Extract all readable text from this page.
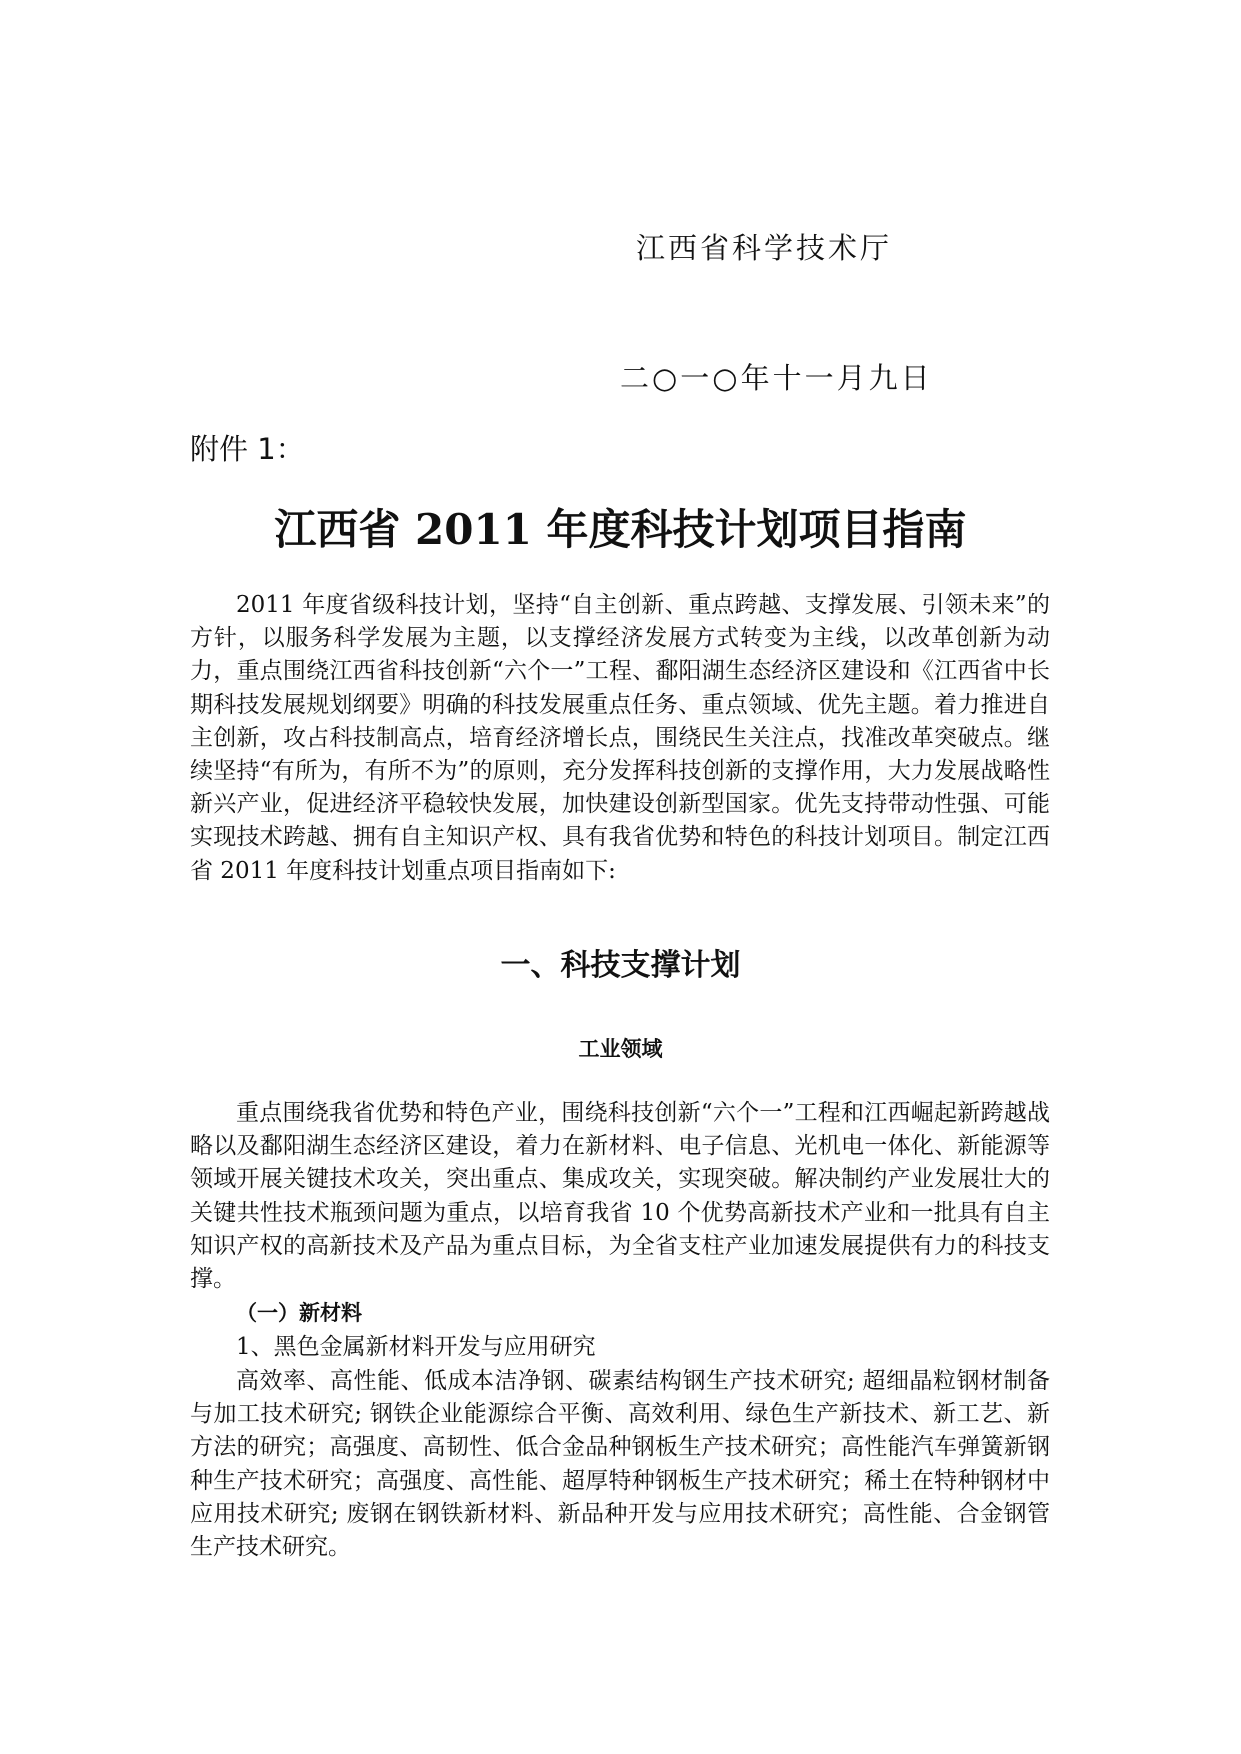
江西省科学技术厅
二○一○年十一月九日
附件 1：
江西省 2011 年度科技计划项目指南

2011 年度省级科技计划，坚持“自主创新、重点跨越、支撑发展、引领未来”的方针，以服务科学发展为主题，以支撑经济发展方式转变为主线，以改革创新为动力，重点围绕江西省科技创新“六个一”工程、鄱阳湖生态经济区建设和《江西省中长期科技发展规划纲要》明确的科技发展重点任务、重点领域、优先主题。着力推进自主创新，攻占科技制高点，培育经济增长点，围绕民生关注点，找准改革突破点。继续坚持“有所为，有所不为”的原则，充分发挥科技创新的支撑作用，大力发展战略性新兴产业，促进经济平稳较快发展，加快建设创新型国家。优先支持带动性强、可能实现技术跨越、拥有自主知识产权、具有我省优势和特色的科技计划项目。制定江西省 2011 年度科技计划重点项目指南如下:

一、科技支撑计划
工业领域

重点围绕我省优势和特色产业，围绕科技创新“六个一”工程和江西崛起新跨越战略以及鄱阳湖生态经济区建设，着力在新材料、电子信息、光机电一体化、新能源等领域开展关键技术攻关，突出重点、集成攻关，实现突破。解决制约产业发展壮大的关键共性技术瓶颈问题为重点，以培育我省 10 个优势高新技术产业和一批具有自主知识产权的高新技术及产品为重点目标，为全省支柱产业加速发展提供有力的科技支撑。

（一）新材料

1、黑色金属新材料开发与应用研究

高效率、高性能、低成本洁净钢、碳素结构钢生产技术研究; 超细晶粒钢材制备与加工技术研究; 钢铁企业能源综合平衡、高效利用、绿色生产新技术、新工艺、新方法的研究；高强度、高韧性、低合金品种钢板生产技术研究；高性能汽车弹簧新钢种生产技术研究；高强度、高性能、超厚特种钢板生产技术研究；稀土在特种钢材中应用技术研究; 废钢在钢铁新材料、新品种开发与应用技术研究；高性能、合金钢管生产技术研究。
